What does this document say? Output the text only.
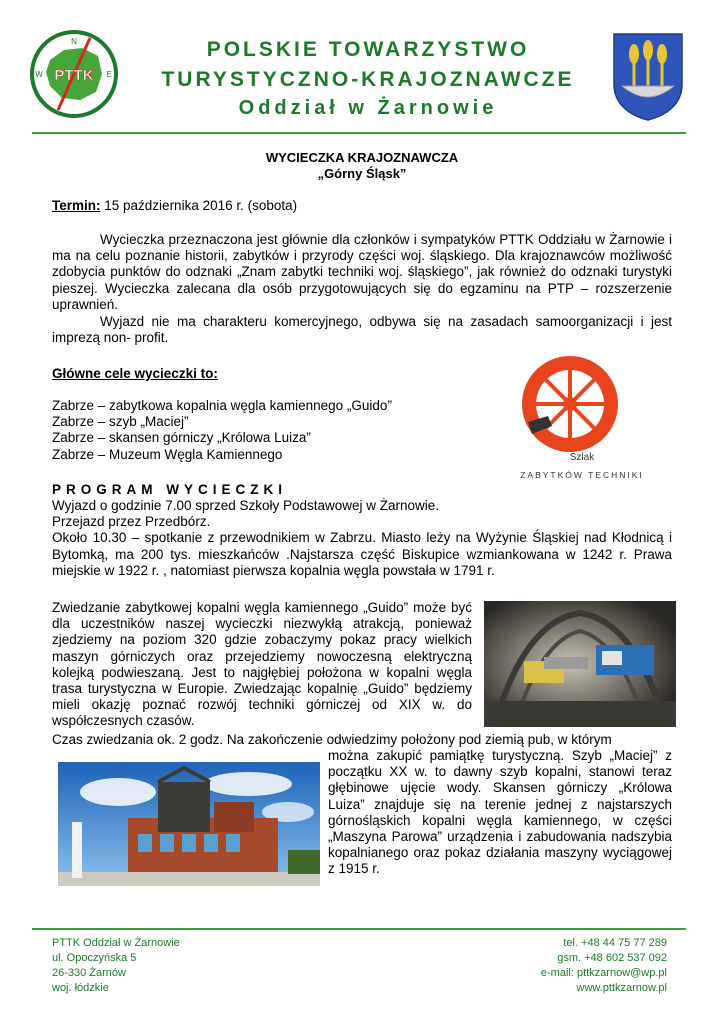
N
W	E
PTTK
POLSKIE TOWARZYSTWO
TURYSTYCZNO-KRAJOZNAWCZE
Oddział w Żarnowie

WYCIECZKA KRAJOZNAWCZA

„Górny Śląsk”

Termin: 15 października 2016 r. (sobota)

Wycieczka przeznaczona jest głównie dla członków i sympatyków PTTK Oddziału w Żarnowie i ma na celu poznanie historii, zabytków i przyrody części woj. śląskiego. Dla krajoznawców możliwość zdobycia punktów do odznaki „Znam zabytki techniki woj. śląskiego”, jak również do odznaki turystyki pieszej. Wycieczka zalecana dla osób przygotowujących się do egzaminu na PTP – rozszerzenie uprawnień.

Wyjazd nie ma charakteru komercyjnego, odbywa się na zasadach samoorganizacji i jest imprezą non- profit.

Główne cele wycieczki to:

Zabrze – zabytkowa kopalnia węgla kamiennego „Guido”
Zabrze – szyb „Maciej”
Zabrze – skansen górniczy „Królowa Luiza”
Zabrze – Muzeum Węgla Kamiennego	Szlak
ZABYTKÓW TECHNIKI

PROGRAM WYCIECZKI

Wyjazd o godzinie 7.00 sprzed Szkoły Podstawowej w Żarnowie.
Przejazd przez Przedbórz.
Około 10.30 – spotkanie z przewodnikiem w Zabrzu. Miasto leży na Wyżynie Śląskiej nad Kłodnicą i Bytomką, ma 200 tys. mieszkańców .Najstarsza część Biskupice wzmiankowana w 1242 r. Prawa miejskie w 1922 r. , natomiast pierwsza kopalnia węgla powstała w 1791 r.

Zwiedzanie zabytkowej kopalni węgla kamiennego „Guido” może być dla uczestników naszej wycieczki niezwykłą atrakcją, ponieważ zjedziemy na poziom 320 gdzie zobaczymy pokaz pracy wielkich maszyn górniczych oraz przejedziemy nowoczesną elektryczną kolejką podwieszaną. Jest to najgłębiej położona w kopalni węgla trasa turystyczna w Europie. Zwiedzając kopalnię „Guido” będziemy mieli okazję poznać rozwój techniki górniczej od XIX w. do współczesnych czasów.

Czas zwiedzania ok. 2 godz. Na zakończenie odwiedzimy położony pod ziemią pub, w którym

można zakupić pamiątkę turystyczną. Szyb „Maciej” z początku XX w. to dawny szyb kopalni, stanowi teraz głębinowe ujęcie wody. Skansen górniczy „Królowa Luiza” znajduje się na terenie jednej z najstarszych górnośląskich kopalni węgla kamiennego, w części „Maszyna Parowa” urządzenia i zabudowania nadszybia kopalnianego oraz pokaz działania maszyny wyciągowej z 1915 r.

PTTK Oddział w Żarnowie
ul. Opoczyńska 5
26-330 Żarnów
woj. łódzkie
tel. +48 44 75 77 289
gsm. +48 602 537 092
e-mail: pttkzarnow@wp.pl
www.pttkzarnow.pl
